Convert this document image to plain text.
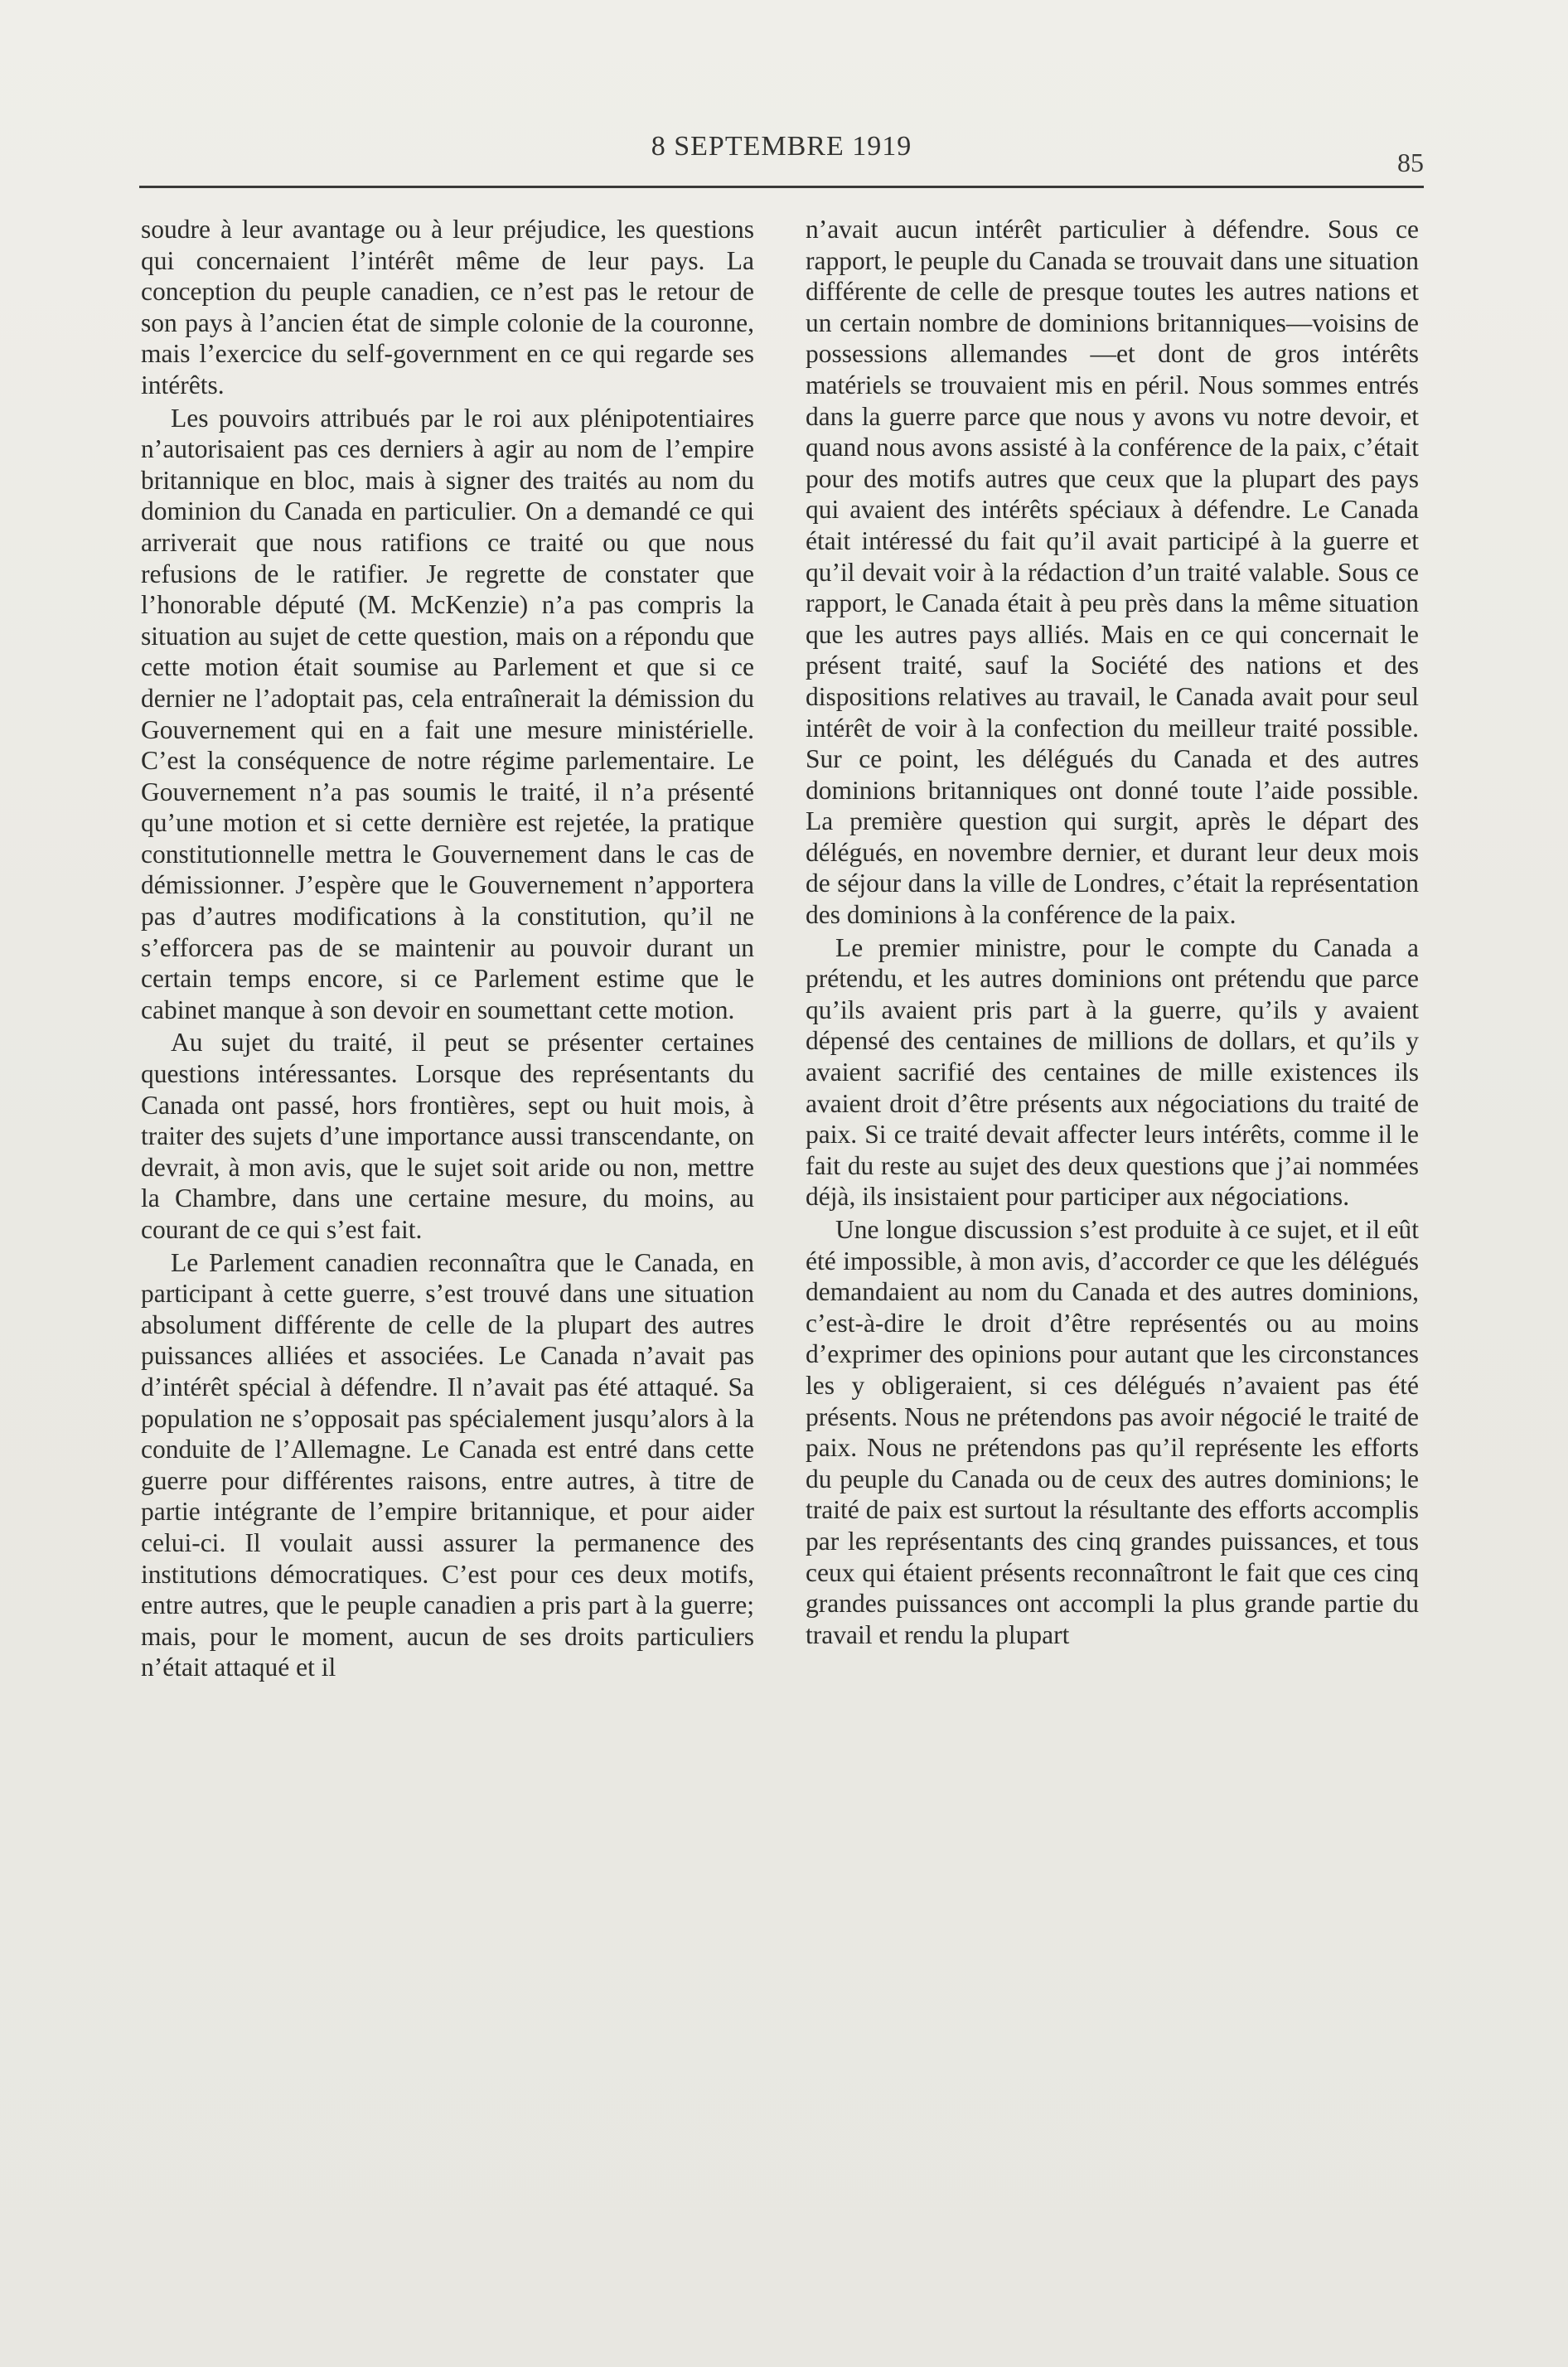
8 SEPTEMBRE 1919
85

soudre à leur avantage ou à leur préjudice, les questions qui concernaient l’intérêt même de leur pays. La conception du peuple canadien, ce n’est pas le retour de son pays à l’ancien état de simple colonie de la couronne, mais l’exercice du self-government en ce qui regarde ses intérêts.

Les pouvoirs attribués par le roi aux plénipotentiaires n’autorisaient pas ces derniers à agir au nom de l’empire britannique en bloc, mais à signer des traités au nom du dominion du Canada en particulier. On a demandé ce qui arriverait que nous ratifions ce traité ou que nous refusions de le ratifier. Je regrette de constater que l’honorable député (M. McKenzie) n’a pas compris la situation au sujet de cette question, mais on a répondu que cette motion était soumise au Parlement et que si ce dernier ne l’adoptait pas, cela entraînerait la démission du Gouvernement qui en a fait une mesure ministérielle. C’est la conséquence de notre régime parlementaire. Le Gouvernement n’a pas soumis le traité, il n’a présenté qu’une motion et si cette dernière est rejetée, la pratique constitutionnelle mettra le Gouvernement dans le cas de démissionner. J’espère que le Gouvernement n’apportera pas d’autres modifications à la constitution, qu’il ne s’efforcera pas de se maintenir au pouvoir durant un certain temps encore, si ce Parlement estime que le cabinet manque à son devoir en soumettant cette motion.

Au sujet du traité, il peut se présenter certaines questions intéressantes. Lorsque des représentants du Canada ont passé, hors frontières, sept ou huit mois, à traiter des sujets d’une importance aussi transcendante, on devrait, à mon avis, que le sujet soit aride ou non, mettre la Chambre, dans une certaine mesure, du moins, au courant de ce qui s’est fait.

Le Parlement canadien reconnaîtra que le Canada, en participant à cette guerre, s’est trouvé dans une situation absolument différente de celle de la plupart des autres puissances alliées et associées. Le Canada n’avait pas d’intérêt spécial à défendre. Il n’avait pas été attaqué. Sa population ne s’opposait pas spécialement jusqu’alors à la conduite de l’Allemagne. Le Canada est entré dans cette guerre pour différentes raisons, entre autres, à titre de partie intégrante de l’empire britannique, et pour aider celui-ci. Il voulait aussi assurer la permanence des institutions démocratiques. C’est pour ces deux motifs, entre autres, que le peuple canadien a pris part à la guerre; mais, pour le moment, aucun de ses droits particuliers n’était attaqué et il

n’avait aucun intérêt particulier à défendre. Sous ce rapport, le peuple du Canada se trouvait dans une situation différente de celle de presque toutes les autres nations et un certain nombre de dominions britanniques—voisins de possessions allemandes —et dont de gros intérêts matériels se trouvaient mis en péril. Nous sommes entrés dans la guerre parce que nous y avons vu notre devoir, et quand nous avons assisté à la conférence de la paix, c’était pour des motifs autres que ceux que la plupart des pays qui avaient des intérêts spéciaux à défendre. Le Canada était intéressé du fait qu’il avait participé à la guerre et qu’il devait voir à la rédaction d’un traité valable. Sous ce rapport, le Canada était à peu près dans la même situation que les autres pays alliés. Mais en ce qui concernait le présent traité, sauf la Société des nations et des dispositions relatives au travail, le Canada avait pour seul intérêt de voir à la confection du meilleur traité possible. Sur ce point, les délégués du Canada et des autres dominions britanniques ont donné toute l’aide possible. La première question qui surgit, après le départ des délégués, en novembre dernier, et durant leur deux mois de séjour dans la ville de Londres, c’était la représentation des dominions à la conférence de la paix.

Le premier ministre, pour le compte du Canada a prétendu, et les autres dominions ont prétendu que parce qu’ils avaient pris part à la guerre, qu’ils y avaient dépensé des centaines de millions de dollars, et qu’ils y avaient sacrifié des centaines de mille existences ils avaient droit d’être présents aux négociations du traité de paix. Si ce traité devait affecter leurs intérêts, comme il le fait du reste au sujet des deux questions que j’ai nommées déjà, ils insistaient pour participer aux négociations.

Une longue discussion s’est produite à ce sujet, et il eût été impossible, à mon avis, d’accorder ce que les délégués demandaient au nom du Canada et des autres dominions, c’est-à-dire le droit d’être représentés ou au moins d’exprimer des opinions pour autant que les circonstances les y obligeraient, si ces délégués n’avaient pas été présents. Nous ne prétendons pas avoir négocié le traité de paix. Nous ne prétendons pas qu’il représente les efforts du peuple du Canada ou de ceux des autres dominions; le traité de paix est surtout la résultante des efforts accomplis par les représentants des cinq grandes puissances, et tous ceux qui étaient présents reconnaîtront le fait que ces cinq grandes puissances ont accompli la plus grande partie du travail et rendu la plupart
